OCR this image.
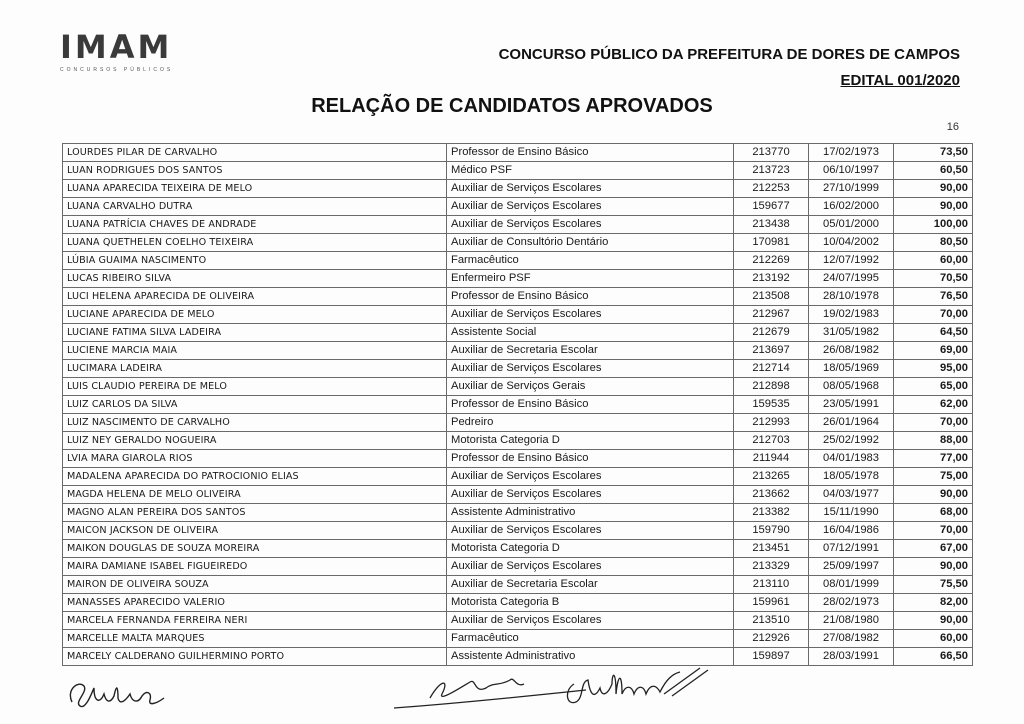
IMAM
CONCURSOS PÚBLICOS
CONCURSO PÚBLICO DA PREFEITURA DE DORES DE CAMPOS
EDITAL 001/2020
RELAÇÃO DE CANDIDATOS APROVADOS
16
LOURDES PILAR DE CARVALHO	Professor de Ensino Básico	213770	17/02/1973	73,50
LUAN RODRIGUES DOS SANTOS	Médico PSF	213723	06/10/1997	60,50
LUANA APARECIDA TEIXEIRA DE MELO	Auxiliar de Serviços Escolares	212253	27/10/1999	90,00
LUANA CARVALHO DUTRA	Auxiliar de Serviços Escolares	159677	16/02/2000	90,00
LUANA PATRÍCIA CHAVES DE ANDRADE	Auxiliar de Serviços Escolares	213438	05/01/2000	100,00
LUANA QUETHELEN COELHO TEIXEIRA	Auxiliar de Consultório Dentário	170981	10/04/2002	80,50
LÚBIA GUAIMA NASCIMENTO	Farmacêutico	212269	12/07/1992	60,00
LUCAS RIBEIRO SILVA	Enfermeiro PSF	213192	24/07/1995	70,50
LUCI HELENA APARECIDA DE OLIVEIRA	Professor de Ensino Básico	213508	28/10/1978	76,50
LUCIANE APARECIDA DE MELO	Auxiliar de Serviços Escolares	212967	19/02/1983	70,00
LUCIANE FATIMA SILVA LADEIRA	Assistente Social	212679	31/05/1982	64,50
LUCIENE MARCIA MAIA	Auxiliar de Secretaria Escolar	213697	26/08/1982	69,00
LUCIMARA LADEIRA	Auxiliar de Serviços Escolares	212714	18/05/1969	95,00
LUIS CLAUDIO PEREIRA DE MELO	Auxiliar de Serviços Gerais	212898	08/05/1968	65,00
LUIZ CARLOS DA SILVA	Professor de Ensino Básico	159535	23/05/1991	62,00
LUIZ NASCIMENTO DE CARVALHO	Pedreiro	212993	26/01/1964	70,00
LUIZ NEY GERALDO NOGUEIRA	Motorista Categoria D	212703	25/02/1992	88,00
LVIA MARA GIAROLA RIOS	Professor de Ensino Básico	211944	04/01/1983	77,00
MADALENA APARECIDA DO PATROCIONIO ELIAS	Auxiliar de Serviços Escolares	213265	18/05/1978	75,00
MAGDA HELENA DE MELO OLIVEIRA	Auxiliar de Serviços Escolares	213662	04/03/1977	90,00
MAGNO ALAN PEREIRA DOS SANTOS	Assistente Administrativo	213382	15/11/1990	68,00
MAICON JACKSON DE OLIVEIRA	Auxiliar de Serviços Escolares	159790	16/04/1986	70,00
MAIKON DOUGLAS DE SOUZA MOREIRA	Motorista Categoria D	213451	07/12/1991	67,00
MAIRA DAMIANE ISABEL FIGUEIREDO	Auxiliar de Serviços Escolares	213329	25/09/1997	90,00
MAIRON DE OLIVEIRA SOUZA	Auxiliar de Secretaria Escolar	213110	08/01/1999	75,50
MANASSES APARECIDO VALERIO	Motorista Categoria B	159961	28/02/1973	82,00
MARCELA FERNANDA FERREIRA NERI	Auxiliar de Serviços Escolares	213510	21/08/1980	90,00
MARCELLE MALTA MARQUES	Farmacêutico	212926	27/08/1982	60,00
MARCELY CALDERANO GUILHERMINO PORTO	Assistente Administrativo	159897	28/03/1991	66,50
